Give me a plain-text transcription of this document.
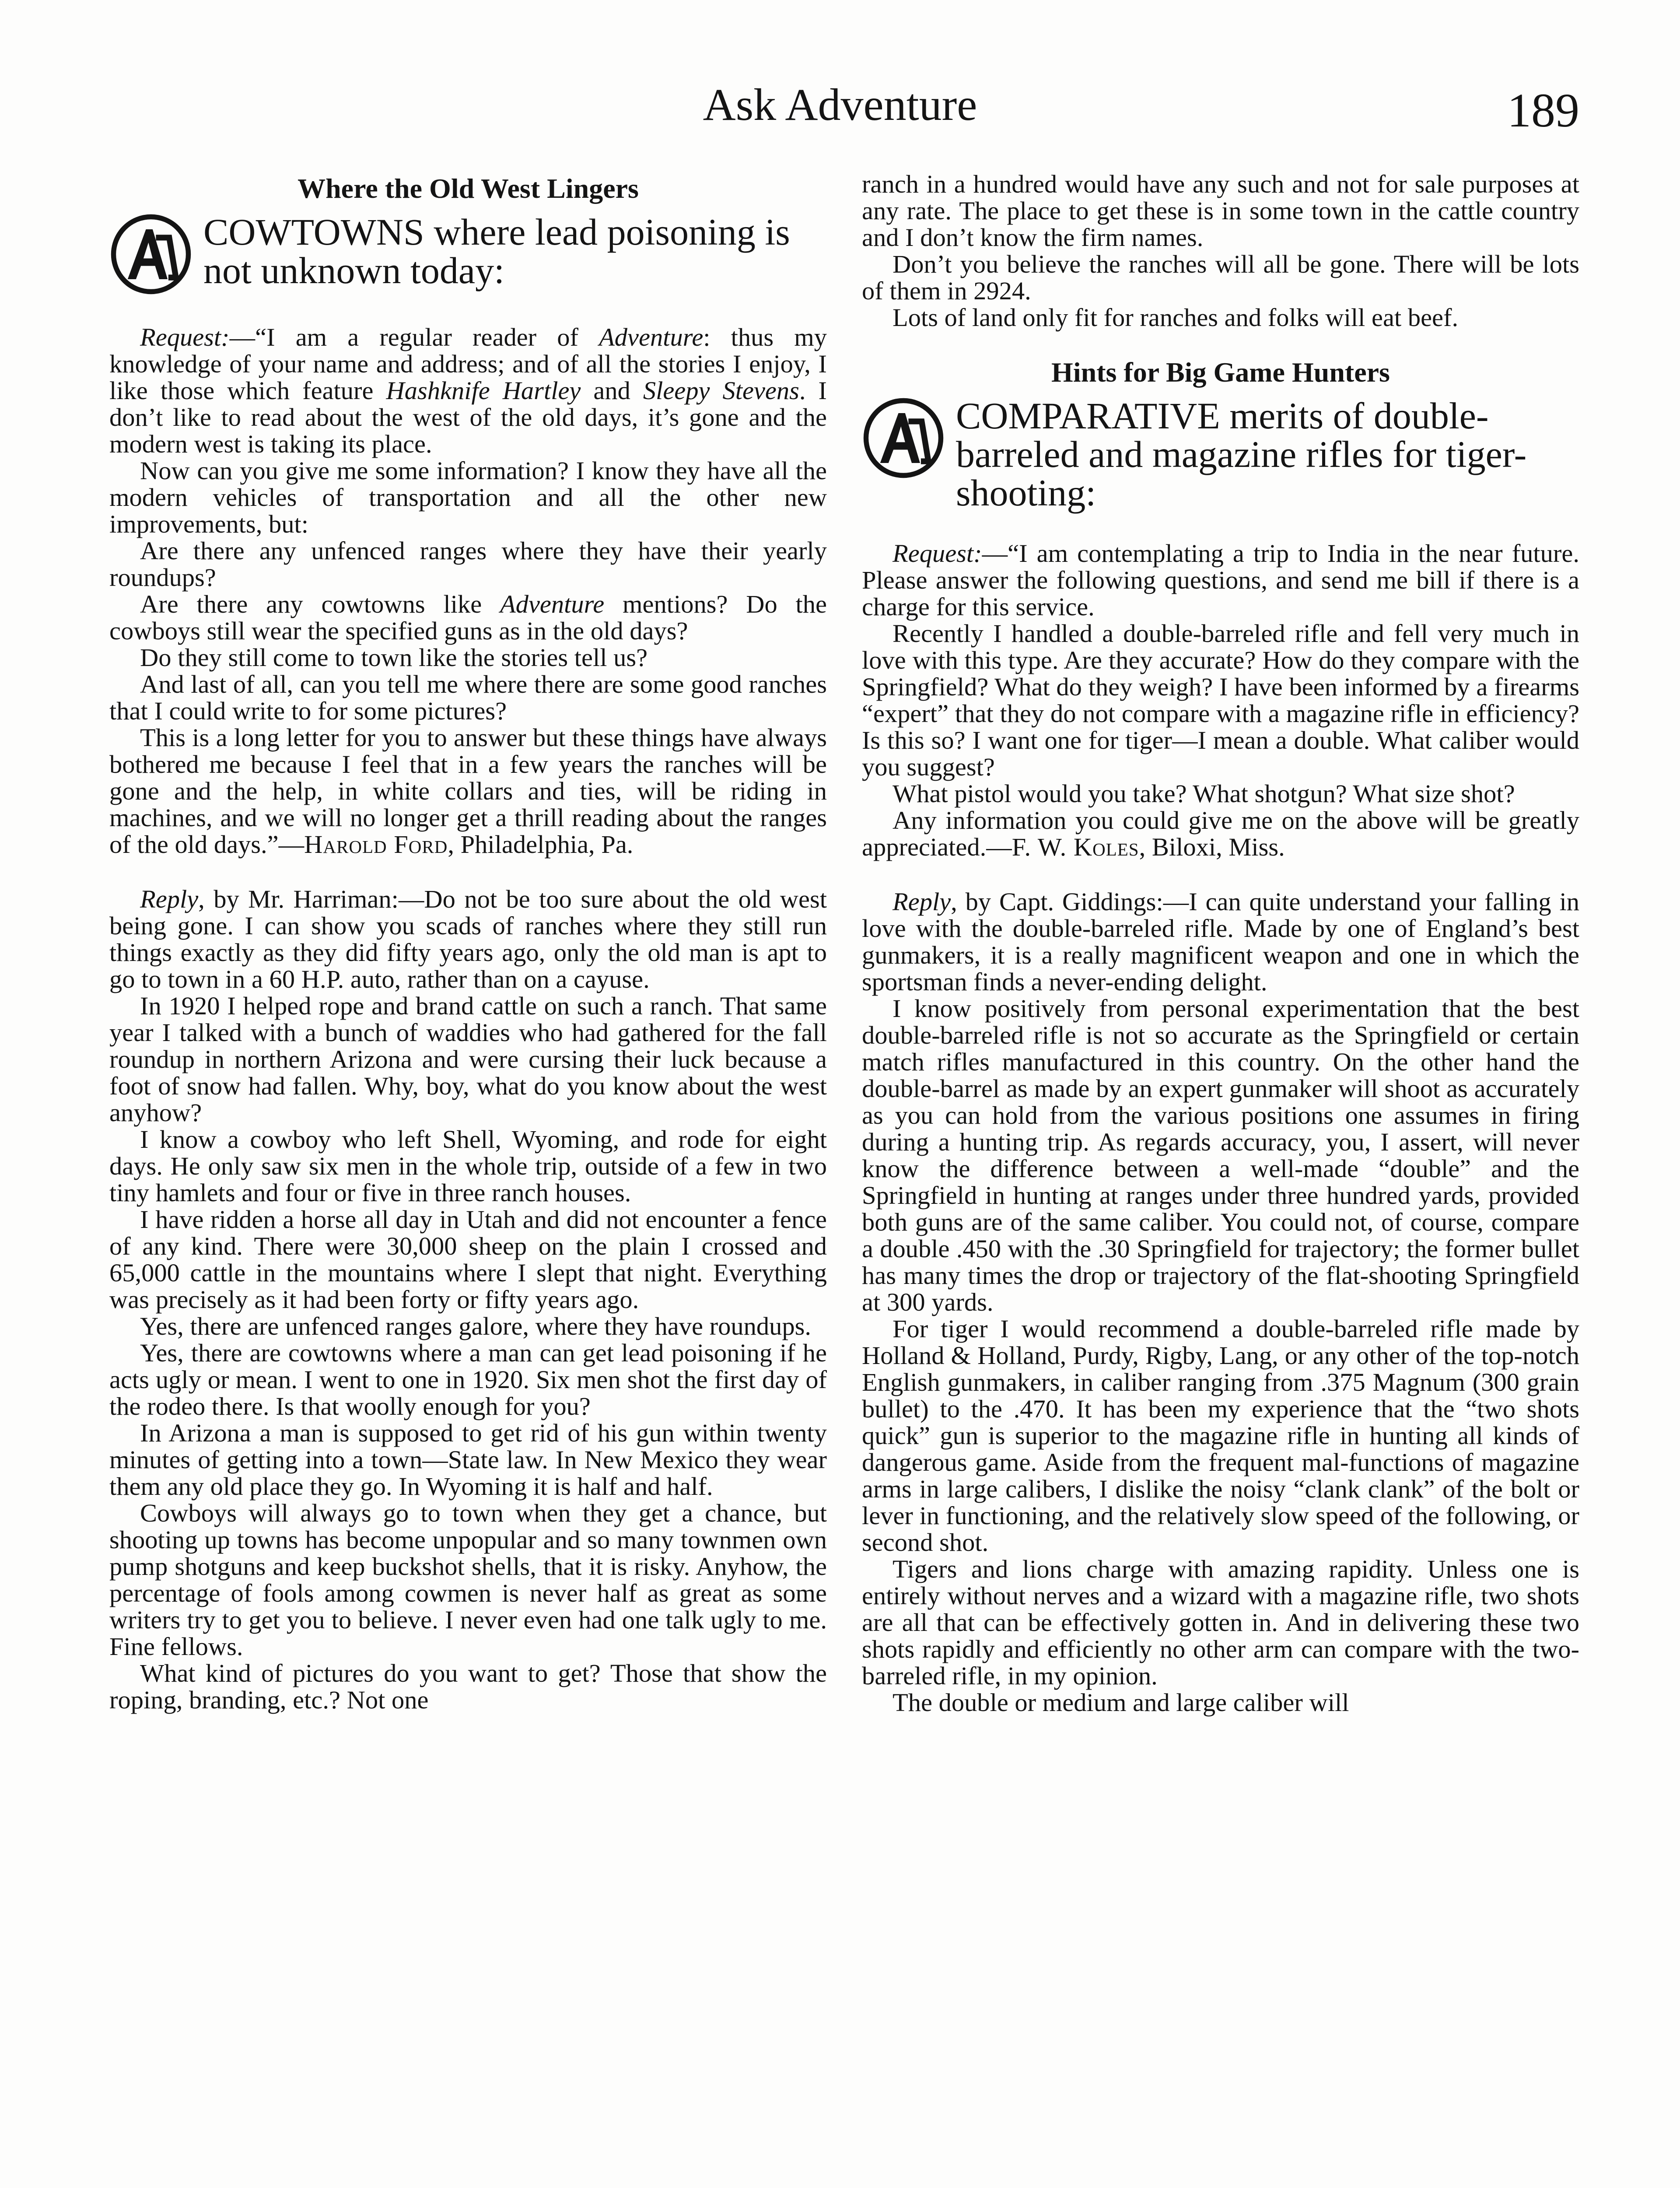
Ask Adventure	189
Where the Old West Lingers
COWTOWNS where lead poisoning is not unknown today:

Request:—“I am a regular reader of Adventure: thus my knowledge of your name and address; and of all the stories I enjoy, I like those which feature Hashknife Hartley and Sleepy Stevens. I don’t like to read about the west of the old days, it’s gone and the modern west is taking its place.

Now can you give me some information? I know they have all the modern vehicles of transportation and all the other new improvements, but:

Are there any unfenced ranges where they have their yearly roundups?

Are there any cowtowns like Adventure mentions? Do the cowboys still wear the specified guns as in the old days?

Do they still come to town like the stories tell us?

And last of all, can you tell me where there are some good ranches that I could write to for some pictures?

This is a long letter for you to answer but these things have always bothered me because I feel that in a few years the ranches will be gone and the help, in white collars and ties, will be riding in machines, and we will no longer get a thrill reading about the ranges of the old days.”—Harold Ford, Philadelphia, Pa.

Reply, by Mr. Harriman:—Do not be too sure about the old west being gone. I can show you scads of ranches where they still run things exactly as they did fifty years ago, only the old man is apt to go to town in a 60 H.P. auto, rather than on a cayuse.

In 1920 I helped rope and brand cattle on such a ranch. That same year I talked with a bunch of waddies who had gathered for the fall roundup in northern Arizona and were cursing their luck because a foot of snow had fallen. Why, boy, what do you know about the west anyhow?

I know a cowboy who left Shell, Wyoming, and rode for eight days. He only saw six men in the whole trip, outside of a few in two tiny hamlets and four or five in three ranch houses.

I have ridden a horse all day in Utah and did not encounter a fence of any kind. There were 30,000 sheep on the plain I crossed and 65,000 cattle in the mountains where I slept that night. Everything was precisely as it had been forty or fifty years ago.

Yes, there are unfenced ranges galore, where they have roundups.

Yes, there are cowtowns where a man can get lead poisoning if he acts ugly or mean. I went to one in 1920. Six men shot the first day of the rodeo there. Is that woolly enough for you?

In Arizona a man is supposed to get rid of his gun within twenty minutes of getting into a town—State law. In New Mexico they wear them any old place they go. In Wyoming it is half and half.

Cowboys will always go to town when they get a chance, but shooting up towns has become unpopular and so many townmen own pump shotguns and keep buckshot shells, that it is risky. Anyhow, the percentage of fools among cowmen is never half as great as some writers try to get you to believe. I never even had one talk ugly to me. Fine fellows.

What kind of pictures do you want to get? Those that show the roping, branding, etc.? Not one

ranch in a hundred would have any such and not for sale purposes at any rate. The place to get these is in some town in the cattle country and I don’t know the firm names.

Don’t you believe the ranches will all be gone. There will be lots of them in 2924.

Lots of land only fit for ranches and folks will eat beef.

Hints for Big Game Hunters
COMPARATIVE merits of double-
barreled and magazine rifles for tiger-shooting:

Request:—“I am contemplating a trip to India in the near future. Please answer the following questions, and send me bill if there is a charge for this service.

Recently I handled a double-barreled rifle and fell very much in love with this type. Are they accurate? How do they compare with the Springfield? What do they weigh? I have been informed by a firearms “expert” that they do not compare with a magazine rifle in efficiency? Is this so? I want one for tiger—I mean a double. What caliber would you suggest?

What pistol would you take? What shotgun? What size shot?

Any information you could give me on the above will be greatly appreciated.—F. W. Koles, Biloxi, Miss.

Reply, by Capt. Giddings:—I can quite understand your falling in love with the double-barreled rifle. Made by one of England’s best gunmakers, it is a really magnificent weapon and one in which the sportsman finds a never-ending delight.

I know positively from personal experimentation that the best double-barreled rifle is not so accurate as the Springfield or certain match rifles manufactured in this country. On the other hand the double-barrel as made by an expert gunmaker will shoot as accurately as you can hold from the various positions one assumes in firing during a hunting trip. As regards accuracy, you, I assert, will never know the difference between a well-made “double” and the Springfield in hunting at ranges under three hundred yards, provided both guns are of the same caliber. You could not, of course, compare a double .450 with the .30 Springfield for trajectory; the former bullet has many times the drop or trajectory of the flat-shooting Springfield at 300 yards.

For tiger I would recommend a double-barreled rifle made by Holland & Holland, Purdy, Rigby, Lang, or any other of the top-notch English gunmakers, in caliber ranging from .375 Magnum (300 grain bullet) to the .470. It has been my experience that the “two shots quick” gun is superior to the magazine rifle in hunting all kinds of dangerous game. Aside from the frequent mal-functions of magazine arms in large calibers, I dislike the noisy “clank clank” of the bolt or lever in functioning, and the relatively slow speed of the following, or second shot.

Tigers and lions charge with amazing rapidity. Unless one is entirely without nerves and a wizard with a magazine rifle, two shots are all that can be effectively gotten in. And in delivering these two shots rapidly and efficiently no other arm can compare with the two-barreled rifle, in my opinion.

The double or medium and large caliber will
